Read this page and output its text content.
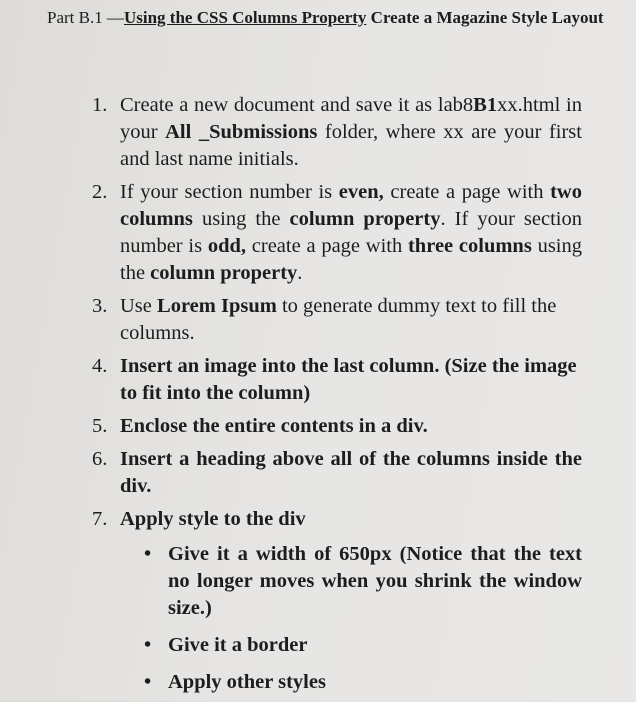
Part B.1 —Using the CSS Columns Property Create a Magazine Style Layout
1. Create a new document and save it as lab8B1xx.html in your All _Submissions folder, where xx are your first and last name initials.
2. If your section number is even, create a page with two columns using the column property. If your section number is odd, create a page with three columns using the column property.
3. Use Lorem Ipsum to generate dummy text to fill the columns.
4. Insert an image into the last column. (Size the image to fit into the column)
5. Enclose the entire contents in a div.
6. Insert a heading above all of the columns inside the div.
7. Apply style to the div
• Give it a width of 650px (Notice that the text no longer moves when you shrink the window size.)
• Give it a border
• Apply other styles
